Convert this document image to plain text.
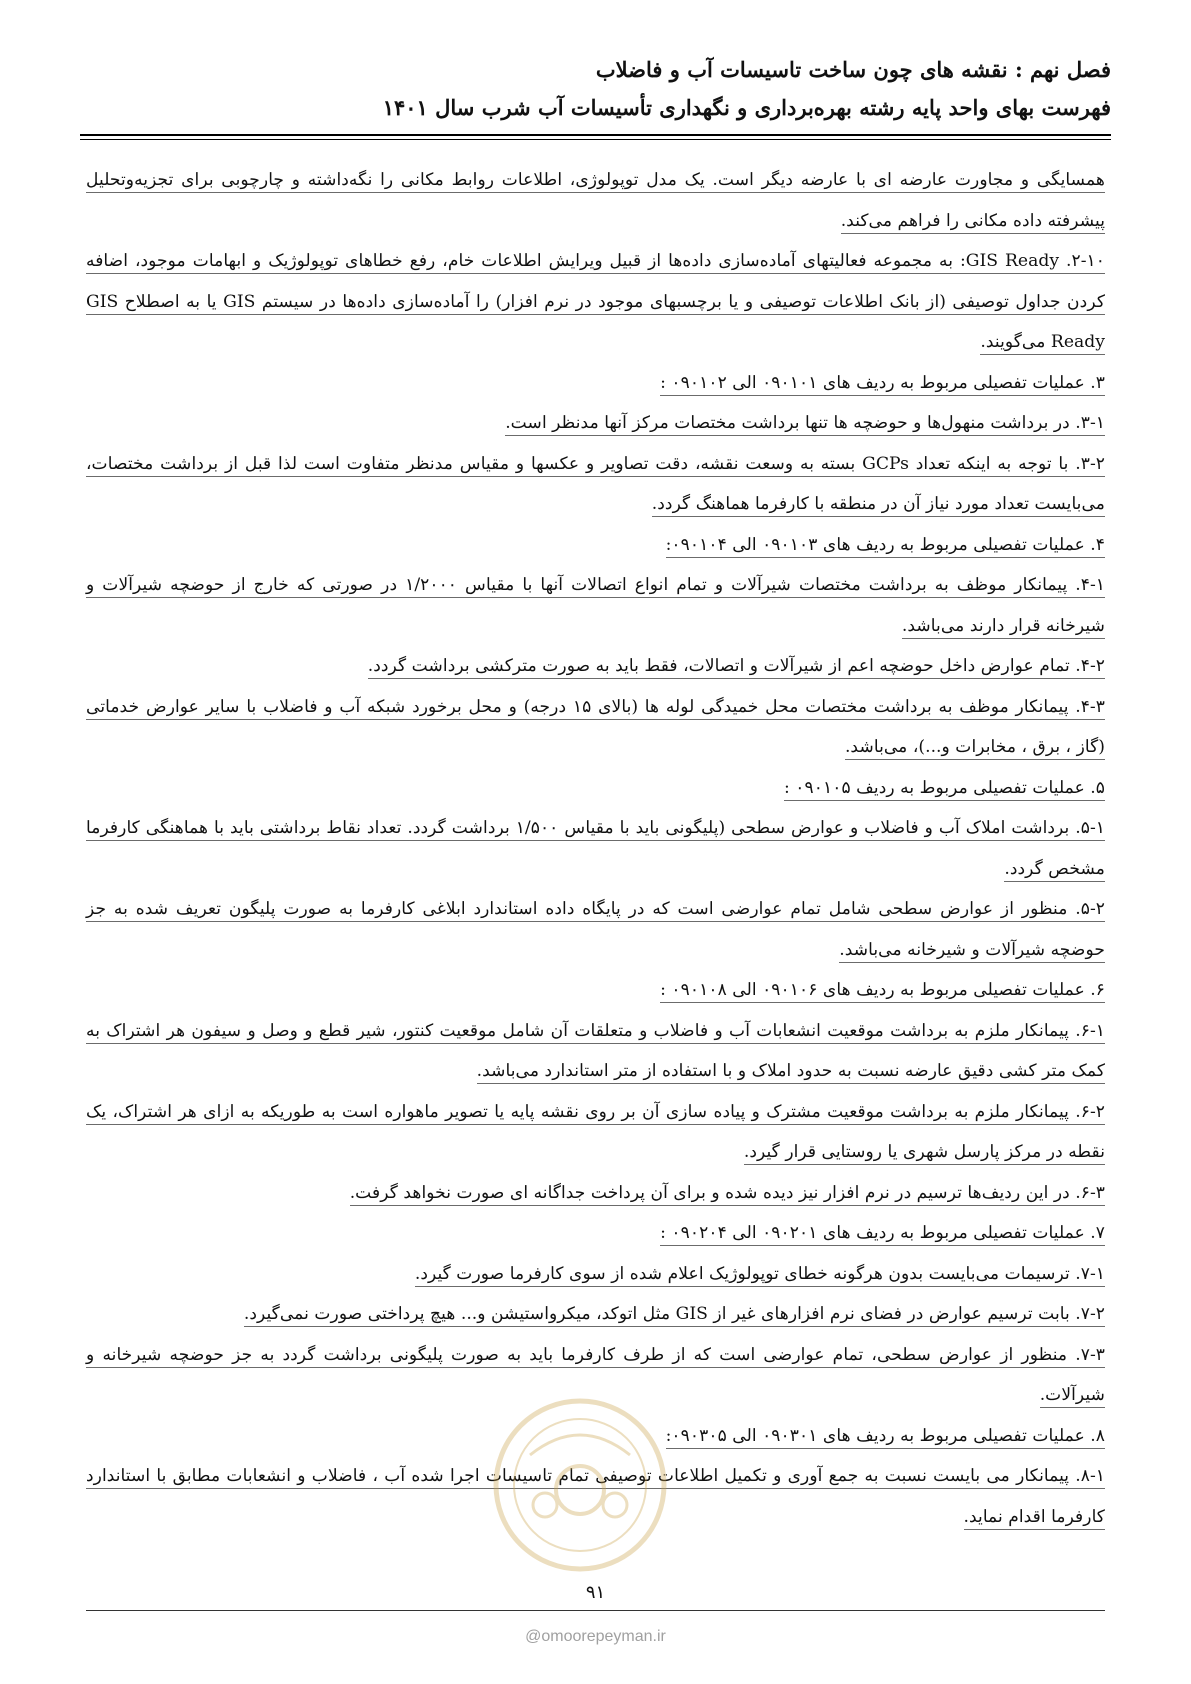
فصل نهم : نقشه های چون ساخت تاسیسات آب و فاضلاب
فهرست بهای واحد پایه رشته بهره‌برداری و نگهداری تأسیسات آب شرب سال ۱۴۰۱

همسایگی و مجاورت عارضه ای با عارضه دیگر است. یک مدل توپولوژی، اطلاعات روابط مکانی را نگه‌داشته و چارچوبی برای تجزیه‌وتحلیل پیشرفته داده مکانی را فراهم می‌کند.

۲-۱۰. GIS Ready: به مجموعه فعالیتهای آماده‌سازی داده‌ها از قبیل ویرایش اطلاعات خام، رفع خطاهای توپولوژیک و ابهامات موجود، اضافه کردن جداول توصیفی (از بانک اطلاعات توصیفی و یا برچسبهای موجود در نرم افزار) را آماده‌سازی داده‌ها در سیستم GIS یا به اصطلاح GIS Ready می‌گویند.

۳. عملیات تفصیلی مربوط به ردیف های ۰۹۰۱۰۱ الی ۰۹۰۱۰۲ :

۳-۱. در برداشت منهول‌ها و حوضچه ها تنها برداشت مختصات مرکز آنها مدنظر است.

۳-۲. با توجه به اینکه تعداد GCPs بسته به وسعت نقشه، دقت تصاویر و عکسها و مقیاس مدنظر متفاوت است لذا قبل از برداشت مختصات، می‌بایست تعداد مورد نیاز آن در منطقه با کارفرما هماهنگ گردد.

۴. عملیات تفصیلی مربوط به ردیف های ۰۹۰۱۰۳ الی ۰۹۰۱۰۴:

۴-۱. پیمانکار موظف به برداشت مختصات شیرآلات و تمام انواع اتصالات آنها با مقیاس ۱/۲۰۰۰ در صورتی که خارج از حوضچه شیرآلات و شیرخانه قرار دارند می‌باشد.

۴-۲. تمام عوارض داخل حوضچه اعم از شیرآلات و اتصالات، فقط باید به صورت مترکشی برداشت گردد.

۴-۳. پیمانکار موظف به برداشت مختصات محل خمیدگی لوله ها (بالای ۱۵ درجه) و محل برخورد شبکه آب و فاضلاب با سایر عوارض خدماتی (گاز ، برق ، مخابرات و...)، می‌باشد.

۵. عملیات تفصیلی مربوط به ردیف ۰۹۰۱۰۵ :

۵-۱. برداشت املاک آب و فاضلاب و عوارض سطحی (پلیگونی باید با مقیاس ۱/۵۰۰ برداشت گردد. تعداد نقاط برداشتی باید با هماهنگی کارفرما مشخص گردد.

۵-۲. منظور از عوارض سطحی شامل تمام عوارضی است که در پایگاه داده استاندارد ابلاغی کارفرما به صورت پلیگون تعریف شده به جز حوضچه شیرآلات و شیرخانه می‌باشد.

۶. عملیات تفصیلی مربوط به ردیف های ۰۹۰۱۰۶ الی ۰۹۰۱۰۸ :

۶-۱. پیمانکار ملزم به برداشت موقعیت انشعابات آب و فاضلاب و متعلقات آن شامل موقعیت کنتور، شیر قطع و وصل و سیفون هر اشتراک به کمک متر کشی دقیق عارضه نسبت به حدود املاک و با استفاده از متر استاندارد می‌باشد.

۶-۲. پیمانکار ملزم به برداشت موقعیت مشترک و پیاده سازی آن بر روی نقشه پایه یا تصویر ماهواره است به طوریکه به ازای هر اشتراک، یک نقطه در مرکز پارسل شهری یا روستایی قرار گیرد.

۶-۳. در این ردیف‌ها ترسیم در نرم افزار نیز دیده شده و برای آن پرداخت جداگانه ای صورت نخواهد گرفت.

۷. عملیات تفصیلی مربوط به ردیف های ۰۹۰۲۰۱ الی ۰۹۰۲۰۴ :

۷-۱. ترسیمات می‌بایست بدون هرگونه خطای توپولوژیک اعلام شده از سوی کارفرما صورت گیرد.

۷-۲. بابت ترسیم عوارض در فضای نرم افزارهای غیر از GIS مثل اتوکد، میکرواستیشن و... هیچ پرداختی صورت نمی‌گیرد.

۷-۳. منظور از عوارض سطحی، تمام عوارضی است که از طرف کارفرما باید به صورت پلیگونی برداشت گردد به جز حوضچه شیرخانه و شیرآلات.

۸. عملیات تفصیلی مربوط به ردیف های ۰۹۰۳۰۱ الی ۰۹۰۳۰۵:

۸-۱. پیمانکار می بایست نسبت به جمع آوری و تکمیل اطلاعات توصیفی تمام تاسیسات اجرا شده آب ، فاضلاب و انشعابات مطابق با استاندارد کارفرما اقدام نماید.

۹۱
@omoorepeyman.ir
